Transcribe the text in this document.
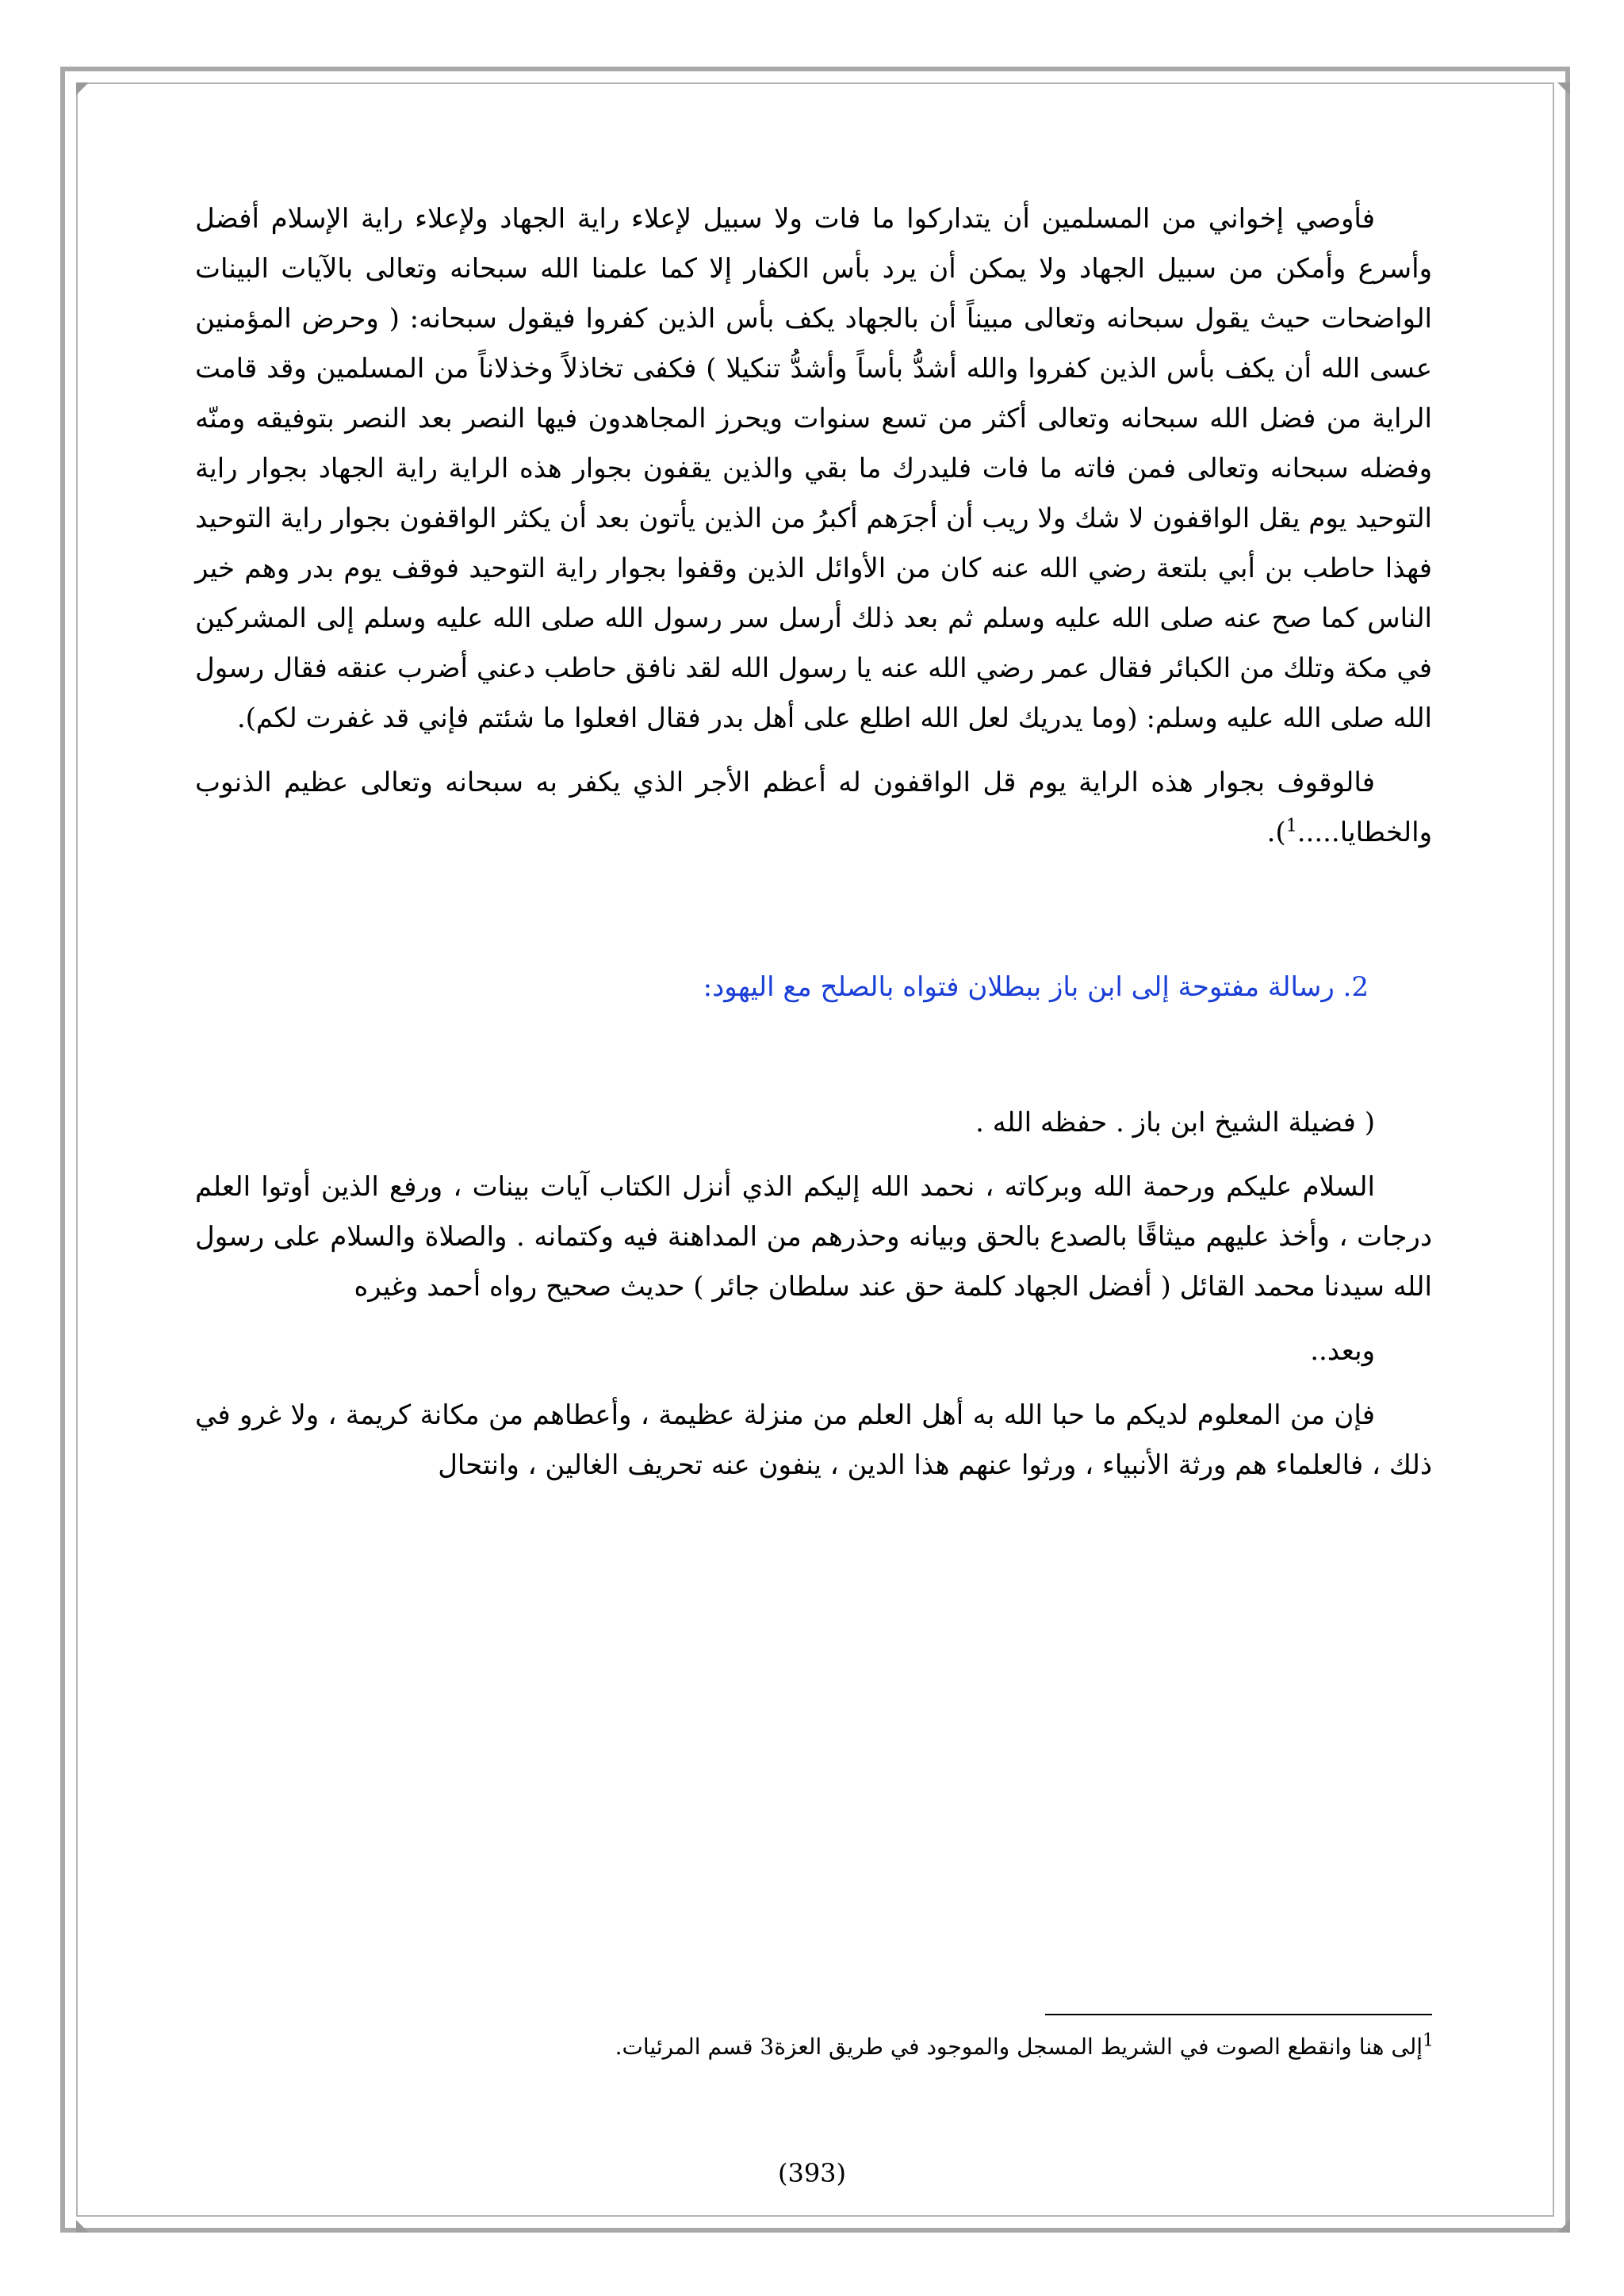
فأوصي إخواني من المسلمين أن يتداركوا ما فات ولا سبيل لإعلاء راية الجهاد ولإعلاء راية الإسلام أفضل وأسرع وأمكن من سبيل الجهاد ولا يمكن أن يرد بأس الكفار إلا كما علمنا الله سبحانه وتعالى بالآيات البينات الواضحات حيث يقول سبحانه وتعالى مبيناً أن بالجهاد يكف بأس الذين كفروا فيقول سبحانه: ( وحرض المؤمنين عسى الله أن يكف بأس الذين كفروا والله أشدُّ بأساً وأشدُّ تنكيلا ) فكفى تخاذلاً وخذلاناً من المسلمين وقد قامت الراية من فضل الله سبحانه وتعالى أكثر من تسع سنوات ويحرز المجاهدون فيها النصر بعد النصر بتوفيقه ومنّه وفضله سبحانه وتعالى فمن فاته ما فات فليدرك ما بقي والذين يقفون بجوار هذه الراية راية الجهاد بجوار راية التوحيد يوم يقل الواقفون لا شك ولا ريب أن أجرَهم أكبرُ من الذين يأتون بعد أن يكثر الواقفون بجوار راية التوحيد فهذا حاطب بن أبي بلتعة رضي الله عنه كان من الأوائل الذين وقفوا بجوار راية التوحيد فوقف يوم بدر وهم خير الناس كما صح عنه صلى الله عليه وسلم ثم بعد ذلك أرسل سر رسول الله صلى الله عليه وسلم إلى المشركين في مكة وتلك من الكبائر فقال عمر رضي الله عنه يا رسول الله لقد نافق حاطب دعني أضرب عنقه فقال رسول الله صلى الله عليه وسلم: (وما يدريك لعل الله اطلع على أهل بدر فقال افعلوا ما شئتم فإني قد غفرت لكم).

فالوقوف بجوار هذه الراية يوم قل الواقفون له أعظم الأجر الذي يكفر به سبحانه وتعالى عظيم الذنوب والخطايا.....$^1$).

2. رسالة مفتوحة إلى ابن باز ببطلان فتواه بالصلح مع اليهود:

( فضيلة الشيخ ابن باز . حفظه الله .

السلام عليكم ورحمة الله وبركاته ، نحمد الله إليكم الذي أنزل الكتاب آيات بينات ، ورفع الذين أوتوا العلم درجات ، وأخذ عليهم ميثاقًا بالصدع بالحق وبيانه وحذرهم من المداهنة فيه وكتمانه . والصلاة والسلام على رسول الله سيدنا محمد القائل ( أفضل الجهاد كلمة حق عند سلطان جائر ) حديث صحيح رواه أحمد وغيره

وبعد..

فإن من المعلوم لديكم ما حبا الله به أهل العلم من منزلة عظيمة ، وأعطاهم من مكانة كريمة ، ولا غرو في ذلك ، فالعلماء هم ورثة الأنبياء ، ورثوا عنهم هذا الدين ، ينفون عنه تحريف الغالين ، وانتحال

$^1$إلى هنا وانقطع الصوت في الشريط المسجل والموجود في طريق العزة3 قسم المرئيات.
(393)
